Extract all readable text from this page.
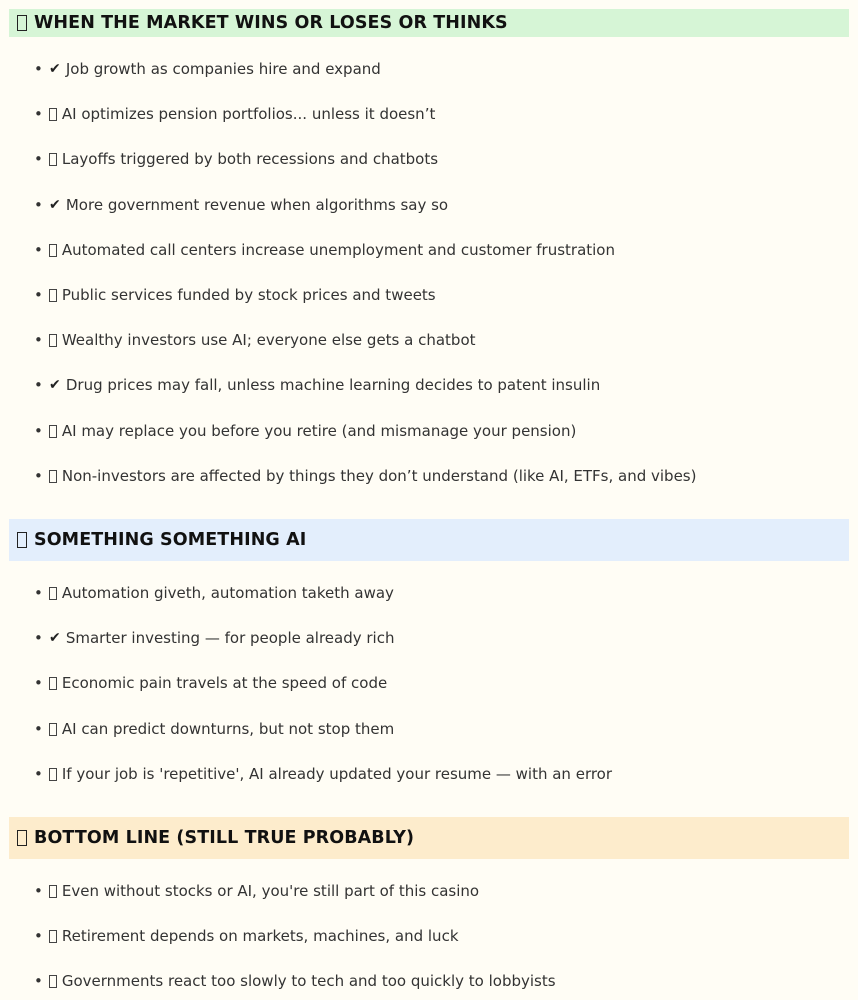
WHEN THE MARKET WINS OR LOSES OR THINKS
SOMETHING SOMETHING AI
BOTTOM LINE (STILL TRUE PROBABLY)
• ✔ Job growth as companies hire and expand
• AI optimizes pension portfolios... unless it doesn’t
• Layoffs triggered by both recessions and chatbots
• ✔ More government revenue when algorithms say so
• Automated call centers increase unemployment and customer frustration
• Public services funded by stock prices and tweets
• Wealthy investors use AI; everyone else gets a chatbot
• ✔ Drug prices may fall, unless machine learning decides to patent insulin
• AI may replace you before you retire (and mismanage your pension)
• Non-investors are affected by things they don’t understand (like AI, ETFs, and vibes)
• Automation giveth, automation taketh away
• ✔ Smarter investing — for people already rich
• Economic pain travels at the speed of code
• AI can predict downturns, but not stop them
• If your job is 'repetitive', AI already updated your resume — with an error
• Even without stocks or AI, you're still part of this casino
• Retirement depends on markets, machines, and luck
• Governments react too slowly to tech and too quickly to lobbyists
